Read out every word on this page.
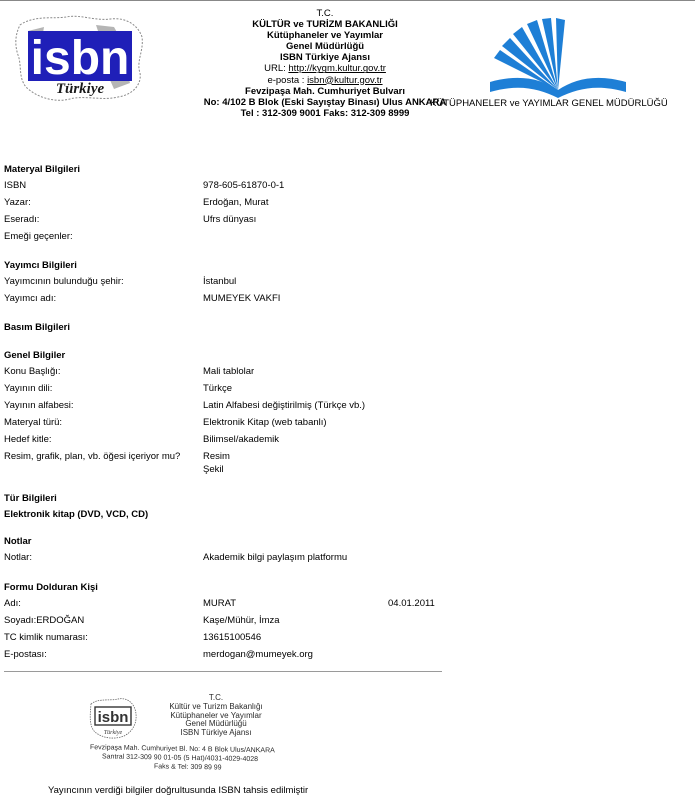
isbn
Türkiye
T.C.
KÜLTÜR ve TURİZM BAKANLIĞI
Kütüphaneler ve Yayımlar
Genel Müdürlüğü
ISBN Türkiye Ajansı
URL: http://kygm.kultur.gov.tr
e-posta : isbn@kultur.gov.tr
Fevzipaşa Mah. Cumhuriyet Bulvarı
No: 4/102 B Blok (Eski Sayıştay Binası) Ulus ANKARA
Tel : 312-309 9001 Faks: 312-309 8999
KÜTÜPHANELER ve YAYIMLAR GENEL MÜDÜRLÜĞÜ
Materyal Bilgileri
ISBN	978-605-61870-0-1
Yazar:	Erdoğan, Murat
Eseradı:	Ufrs dünyası
Emeği geçenler:
Yayımcı Bilgileri
Yayımcının bulunduğu şehir:	İstanbul
Yayımcı adı:	MUMEYEK VAKFI
Basım Bilgileri
Genel Bilgiler
Konu Başlığı:	Mali tablolar
Yayının dili:	Türkçe
Yayının alfabesi:	Latin Alfabesi değiştirilmiş (Türkçe vb.)
Materyal türü:	Elektronik Kitap (web tabanlı)
Hedef kitle:	Bilimsel/akademik
Resim, grafik, plan, vb. öğesi içeriyor mu? Resim
Şekil
Tür Bilgileri
Elektronik kitap (DVD, VCD, CD)
Notlar
Notlar:	Akademik bilgi paylaşım platformu
Formu Dolduran Kişi
Adı:	MURAT	04.01.2011
Soyadı:ERDOĞAN	Kaşe/Mühür, İmza
TC kimlik numarası:	13615100546
E-postası:	merdogan@mumeyek.org
isbn
Türkiye
T.C.
Kültür ve Turizm Bakanlığı
Kütüphaneler ve Yayımlar
Genel Müdürlüğü
ISBN Türkiye Ajansı
Fevzipaşa Mah. Cumhuriyet Bl. No: 4 B Blok Ulus/ANKARA
Santral 312-309 90 01-05 (5 Hat)/4031-4029-4028
Faks & Tel: 309 89 99
Yayıncının verdiği bilgiler doğrultusunda ISBN tahsis edilmiştir
